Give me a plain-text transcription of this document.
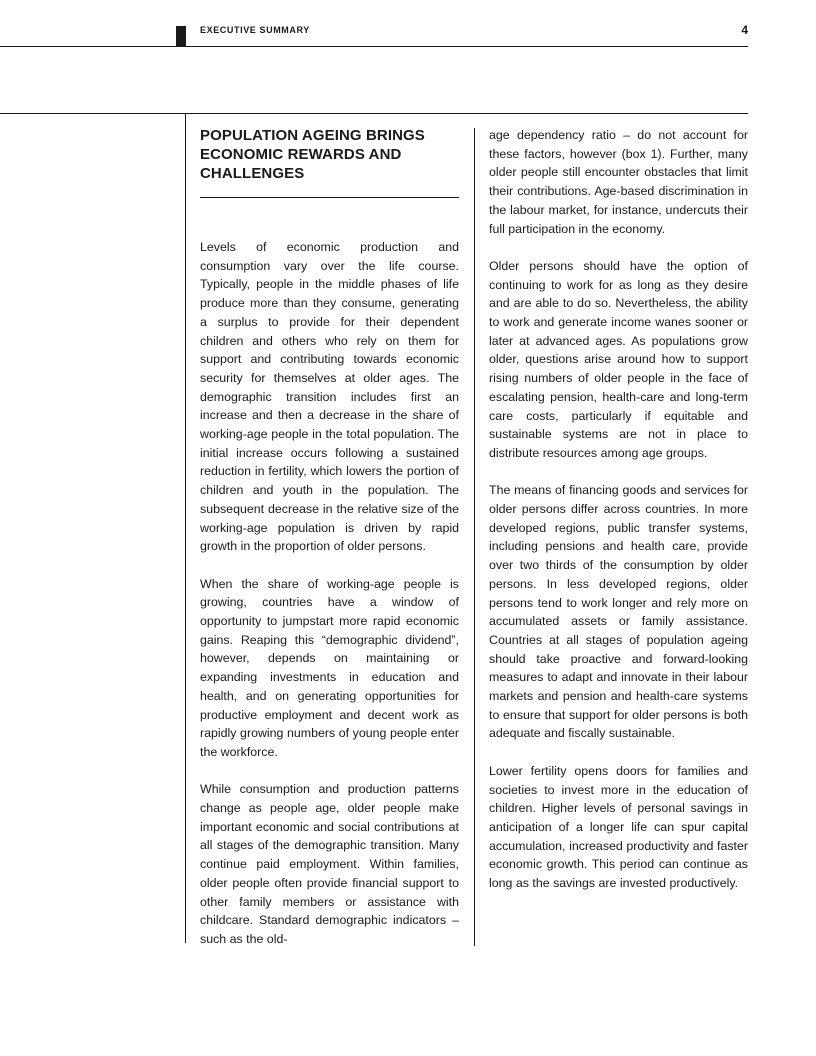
EXECUTIVE SUMMARY	4
POPULATION AGEING BRINGS ECONOMIC REWARDS AND CHALLENGES

Levels of economic production and consumption vary over the life course. Typically, people in the middle phases of life produce more than they consume, generating a surplus to provide for their dependent children and others who rely on them for support and contributing towards economic security for themselves at older ages. The demographic transition includes first an increase and then a decrease in the share of working-age people in the total population. The initial increase occurs following a sustained reduction in fertility, which lowers the portion of children and youth in the population. The subsequent decrease in the relative size of the working-age population is driven by rapid growth in the proportion of older persons.

When the share of working-age people is growing, countries have a window of opportunity to jumpstart more rapid economic gains. Reaping this “demographic dividend”, however, depends on maintaining or expanding investments in education and health, and on generating opportunities for productive employment and decent work as rapidly growing numbers of young people enter the workforce.

While consumption and production patterns change as people age, older people make important economic and social contributions at all stages of the demographic transition. Many continue paid employment. Within families, older people often provide financial support to other family members or assistance with childcare. Standard demographic indicators – such as the old-

age dependency ratio – do not account for these factors, however (box 1). Further, many older people still encounter obstacles that limit their contributions. Age-based discrimination in the labour market, for instance, undercuts their full participation in the economy.

Older persons should have the option of continuing to work for as long as they desire and are able to do so. Nevertheless, the ability to work and generate income wanes sooner or later at advanced ages. As populations grow older, questions arise around how to support rising numbers of older people in the face of escalating pension, health-care and long-term care costs, particularly if equitable and sustainable systems are not in place to distribute resources among age groups.

The means of financing goods and services for older persons differ across countries. In more developed regions, public transfer systems, including pensions and health care, provide over two thirds of the consumption by older persons. In less developed regions, older persons tend to work longer and rely more on accumulated assets or family assistance. Countries at all stages of population ageing should take proactive and forward-looking measures to adapt and innovate in their labour markets and pension and health-care systems to ensure that support for older persons is both adequate and fiscally sustainable.

Lower fertility opens doors for families and societies to invest more in the education of children. Higher levels of personal savings in anticipation of a longer life can spur capital accumulation, increased productivity and faster economic growth. This period can continue as long as the savings are invested productively.
